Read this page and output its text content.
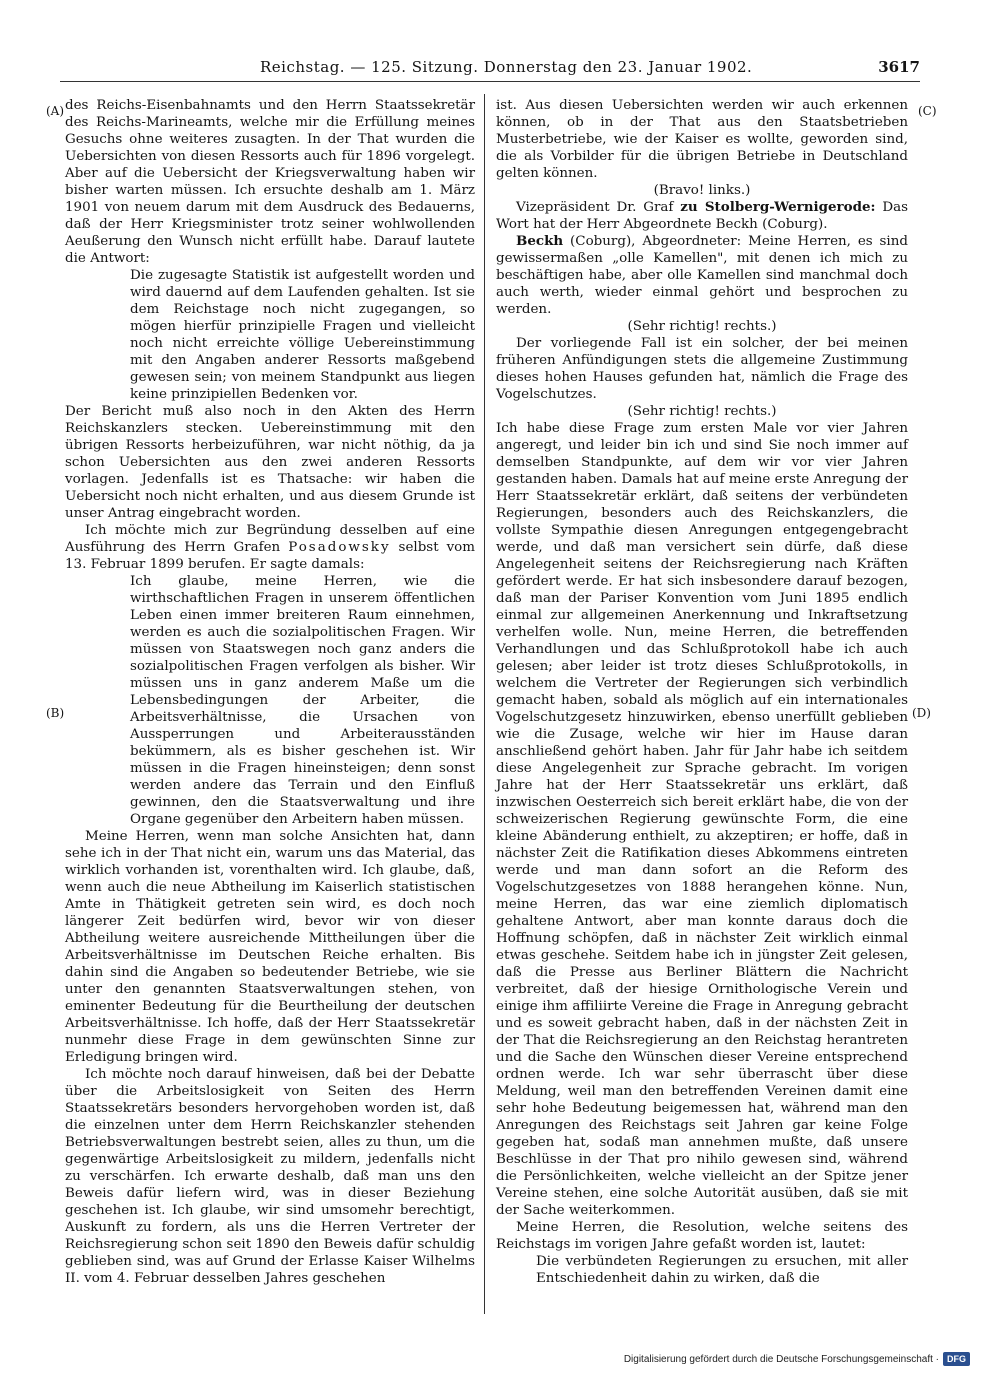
Reichstag. — 125. Sitzung. Donnerstag den 23. Januar 1902.	3617
(A)
(B)
(C)
(D)

des Reichs-Eisenbahnamts und den Herrn Staatssekretär des Reichs-Marineamts, welche mir die Erfüllung meines Gesuchs ohne weiteres zusagten. In der That wurden die Uebersichten von diesen Ressorts auch für 1896 vorgelegt. Aber auf die Uebersicht der Kriegsverwaltung haben wir bisher warten müssen. Ich ersuchte deshalb am 1. März 1901 von neuem darum mit dem Ausdruck des Bedauerns, daß der Herr Kriegsminister trotz seiner wohlwollenden Aeußerung den Wunsch nicht erfüllt habe. Darauf lautete die Antwort:

Die zugesagte Statistik ist aufgestellt worden und wird dauernd auf dem Laufenden gehalten. Ist sie dem Reichstage noch nicht zugegangen, so mögen hierfür prinzipielle Fragen und vielleicht noch nicht erreichte völlige Uebereinstimmung mit den Angaben anderer Ressorts maßgebend gewesen sein; von meinem Standpunkt aus liegen keine prinzipiellen Bedenken vor.

Der Bericht muß also noch in den Akten des Herrn Reichskanzlers stecken. Uebereinstimmung mit den übrigen Ressorts herbeizuführen, war nicht nöthig, da ja schon Uebersichten aus den zwei anderen Ressorts vorlagen. Jedenfalls ist es Thatsache: wir haben die Uebersicht noch nicht erhalten, und aus diesem Grunde ist unser Antrag eingebracht worden.

Ich möchte mich zur Begründung desselben auf eine Ausführung des Herrn Grafen Posadowsky selbst vom 13. Februar 1899 berufen. Er sagte damals:

Ich glaube, meine Herren, wie die wirthschaftlichen Fragen in unserem öffentlichen Leben einen immer breiteren Raum einnehmen, werden es auch die sozialpolitischen Fragen. Wir müssen von Staatswegen noch ganz anders die sozialpolitischen Fragen verfolgen als bisher. Wir müssen uns in ganz anderem Maße um die Lebensbedingungen der Arbeiter, die Arbeitsverhältnisse, die Ursachen von Aussperrungen und Arbeiterausständen bekümmern, als es bisher geschehen ist. Wir müssen in die Fragen hineinsteigen; denn sonst werden andere das Terrain und den Einfluß gewinnen, den die Staatsverwaltung und ihre Organe gegenüber den Arbeitern haben müssen.

Meine Herren, wenn man solche Ansichten hat, dann sehe ich in der That nicht ein, warum uns das Material, das wirklich vorhanden ist, vorenthalten wird. Ich glaube, daß, wenn auch die neue Abtheilung im Kaiserlich statistischen Amte in Thätigkeit getreten sein wird, es doch noch längerer Zeit bedürfen wird, bevor wir von dieser Abtheilung weitere ausreichende Mittheilungen über die Arbeitsverhältnisse im Deutschen Reiche erhalten. Bis dahin sind die Angaben so bedeutender Betriebe, wie sie unter den genannten Staatsverwaltungen stehen, von eminenter Bedeutung für die Beurtheilung der deutschen Arbeitsverhältnisse. Ich hoffe, daß der Herr Staatssekretär nunmehr diese Frage in dem gewünschten Sinne zur Erledigung bringen wird.

Ich möchte noch darauf hinweisen, daß bei der Debatte über die Arbeitslosigkeit von Seiten des Herrn Staatssekretärs besonders hervorgehoben worden ist, daß die einzelnen unter dem Herrn Reichskanzler stehenden Betriebsverwaltungen bestrebt seien, alles zu thun, um die gegenwärtige Arbeitslosigkeit zu mildern, jedenfalls nicht zu verschärfen. Ich erwarte deshalb, daß man uns den Beweis dafür liefern wird, was in dieser Beziehung geschehen ist. Ich glaube, wir sind umsomehr berechtigt, Auskunft zu fordern, als uns die Herren Vertreter der Reichsregierung schon seit 1890 den Beweis dafür schuldig geblieben sind, was auf Grund der Erlasse Kaiser Wilhelms II. vom 4. Februar desselben Jahres geschehen

ist. Aus diesen Uebersichten werden wir auch erkennen können, ob in der That aus den Staatsbetrieben Musterbetriebe, wie der Kaiser es wollte, geworden sind, die als Vorbilder für die übrigen Betriebe in Deutschland gelten können.

(Bravo! links.)

Vizepräsident Dr. Graf zu Stolberg-Wernigerode: Das Wort hat der Herr Abgeordnete Beckh (Coburg).

Beckh (Coburg), Abgeordneter: Meine Herren, es sind gewissermaßen „olle Kamellen", mit denen ich mich zu beschäftigen habe, aber olle Kamellen sind manchmal doch auch werth, wieder einmal gehört und besprochen zu werden.

(Sehr richtig! rechts.)

Der vorliegende Fall ist ein solcher, der bei meinen früheren Anfündigungen stets die allgemeine Zustimmung dieses hohen Hauses gefunden hat, nämlich die Frage des Vogelschutzes.

(Sehr richtig! rechts.)

Ich habe diese Frage zum ersten Male vor vier Jahren angeregt, und leider bin ich und sind Sie noch immer auf demselben Standpunkte, auf dem wir vor vier Jahren gestanden haben. Damals hat auf meine erste Anregung der Herr Staatssekretär erklärt, daß seitens der verbündeten Regierungen, besonders auch des Reichskanzlers, die vollste Sympathie diesen Anregungen entgegengebracht werde, und daß man versichert sein dürfe, daß diese Angelegenheit seitens der Reichsregierung nach Kräften gefördert werde. Er hat sich insbesondere darauf bezogen, daß man der Pariser Konvention vom Juni 1895 endlich einmal zur allgemeinen Anerkennung und Inkraftsetzung verhelfen wolle. Nun, meine Herren, die betreffenden Verhandlungen und das Schlußprotokoll habe ich auch gelesen; aber leider ist trotz dieses Schlußprotokolls, in welchem die Vertreter der Regierungen sich verbindlich gemacht haben, sobald als möglich auf ein internationales Vogelschutzgesetz hinzuwirken, ebenso unerfüllt geblieben wie die Zusage, welche wir hier im Hause daran anschließend gehört haben. Jahr für Jahr habe ich seitdem diese Angelegenheit zur Sprache gebracht. Im vorigen Jahre hat der Herr Staatssekretär uns erklärt, daß inzwischen Oesterreich sich bereit erklärt habe, die von der schweizerischen Regierung gewünschte Form, die eine kleine Abänderung enthielt, zu akzeptiren; er hoffe, daß in nächster Zeit die Ratifikation dieses Abkommens eintreten werde und man dann sofort an die Reform des Vogelschutzgesetzes von 1888 herangehen könne. Nun, meine Herren, das war eine ziemlich diplomatisch gehaltene Antwort, aber man konnte daraus doch die Hoffnung schöpfen, daß in nächster Zeit wirklich einmal etwas geschehe. Seitdem habe ich in jüngster Zeit gelesen, daß die Presse aus Berliner Blättern die Nachricht verbreitet, daß der hiesige Ornithologische Verein und einige ihm affiliirte Vereine die Frage in Anregung gebracht und es soweit gebracht haben, daß in der nächsten Zeit in der That die Reichsregierung an den Reichstag herantreten und die Sache den Wünschen dieser Vereine entsprechend ordnen werde. Ich war sehr überrascht über diese Meldung, weil man den betreffenden Vereinen damit eine sehr hohe Bedeutung beigemessen hat, während man den Anregungen des Reichstags seit Jahren gar keine Folge gegeben hat, sodaß man annehmen mußte, daß unsere Beschlüsse in der That pro nihilo gewesen sind, während die Persönlichkeiten, welche vielleicht an der Spitze jener Vereine stehen, eine solche Autorität ausüben, daß sie mit der Sache weiterkommen.

Meine Herren, die Resolution, welche seitens des Reichstags im vorigen Jahre gefaßt worden ist, lautet:

Die verbündeten Regierungen zu ersuchen, mit aller Entschiedenheit dahin zu wirken, daß die

Digitalisierung gefördert durch die Deutsche Forschungsgemeinschaft · DFG
